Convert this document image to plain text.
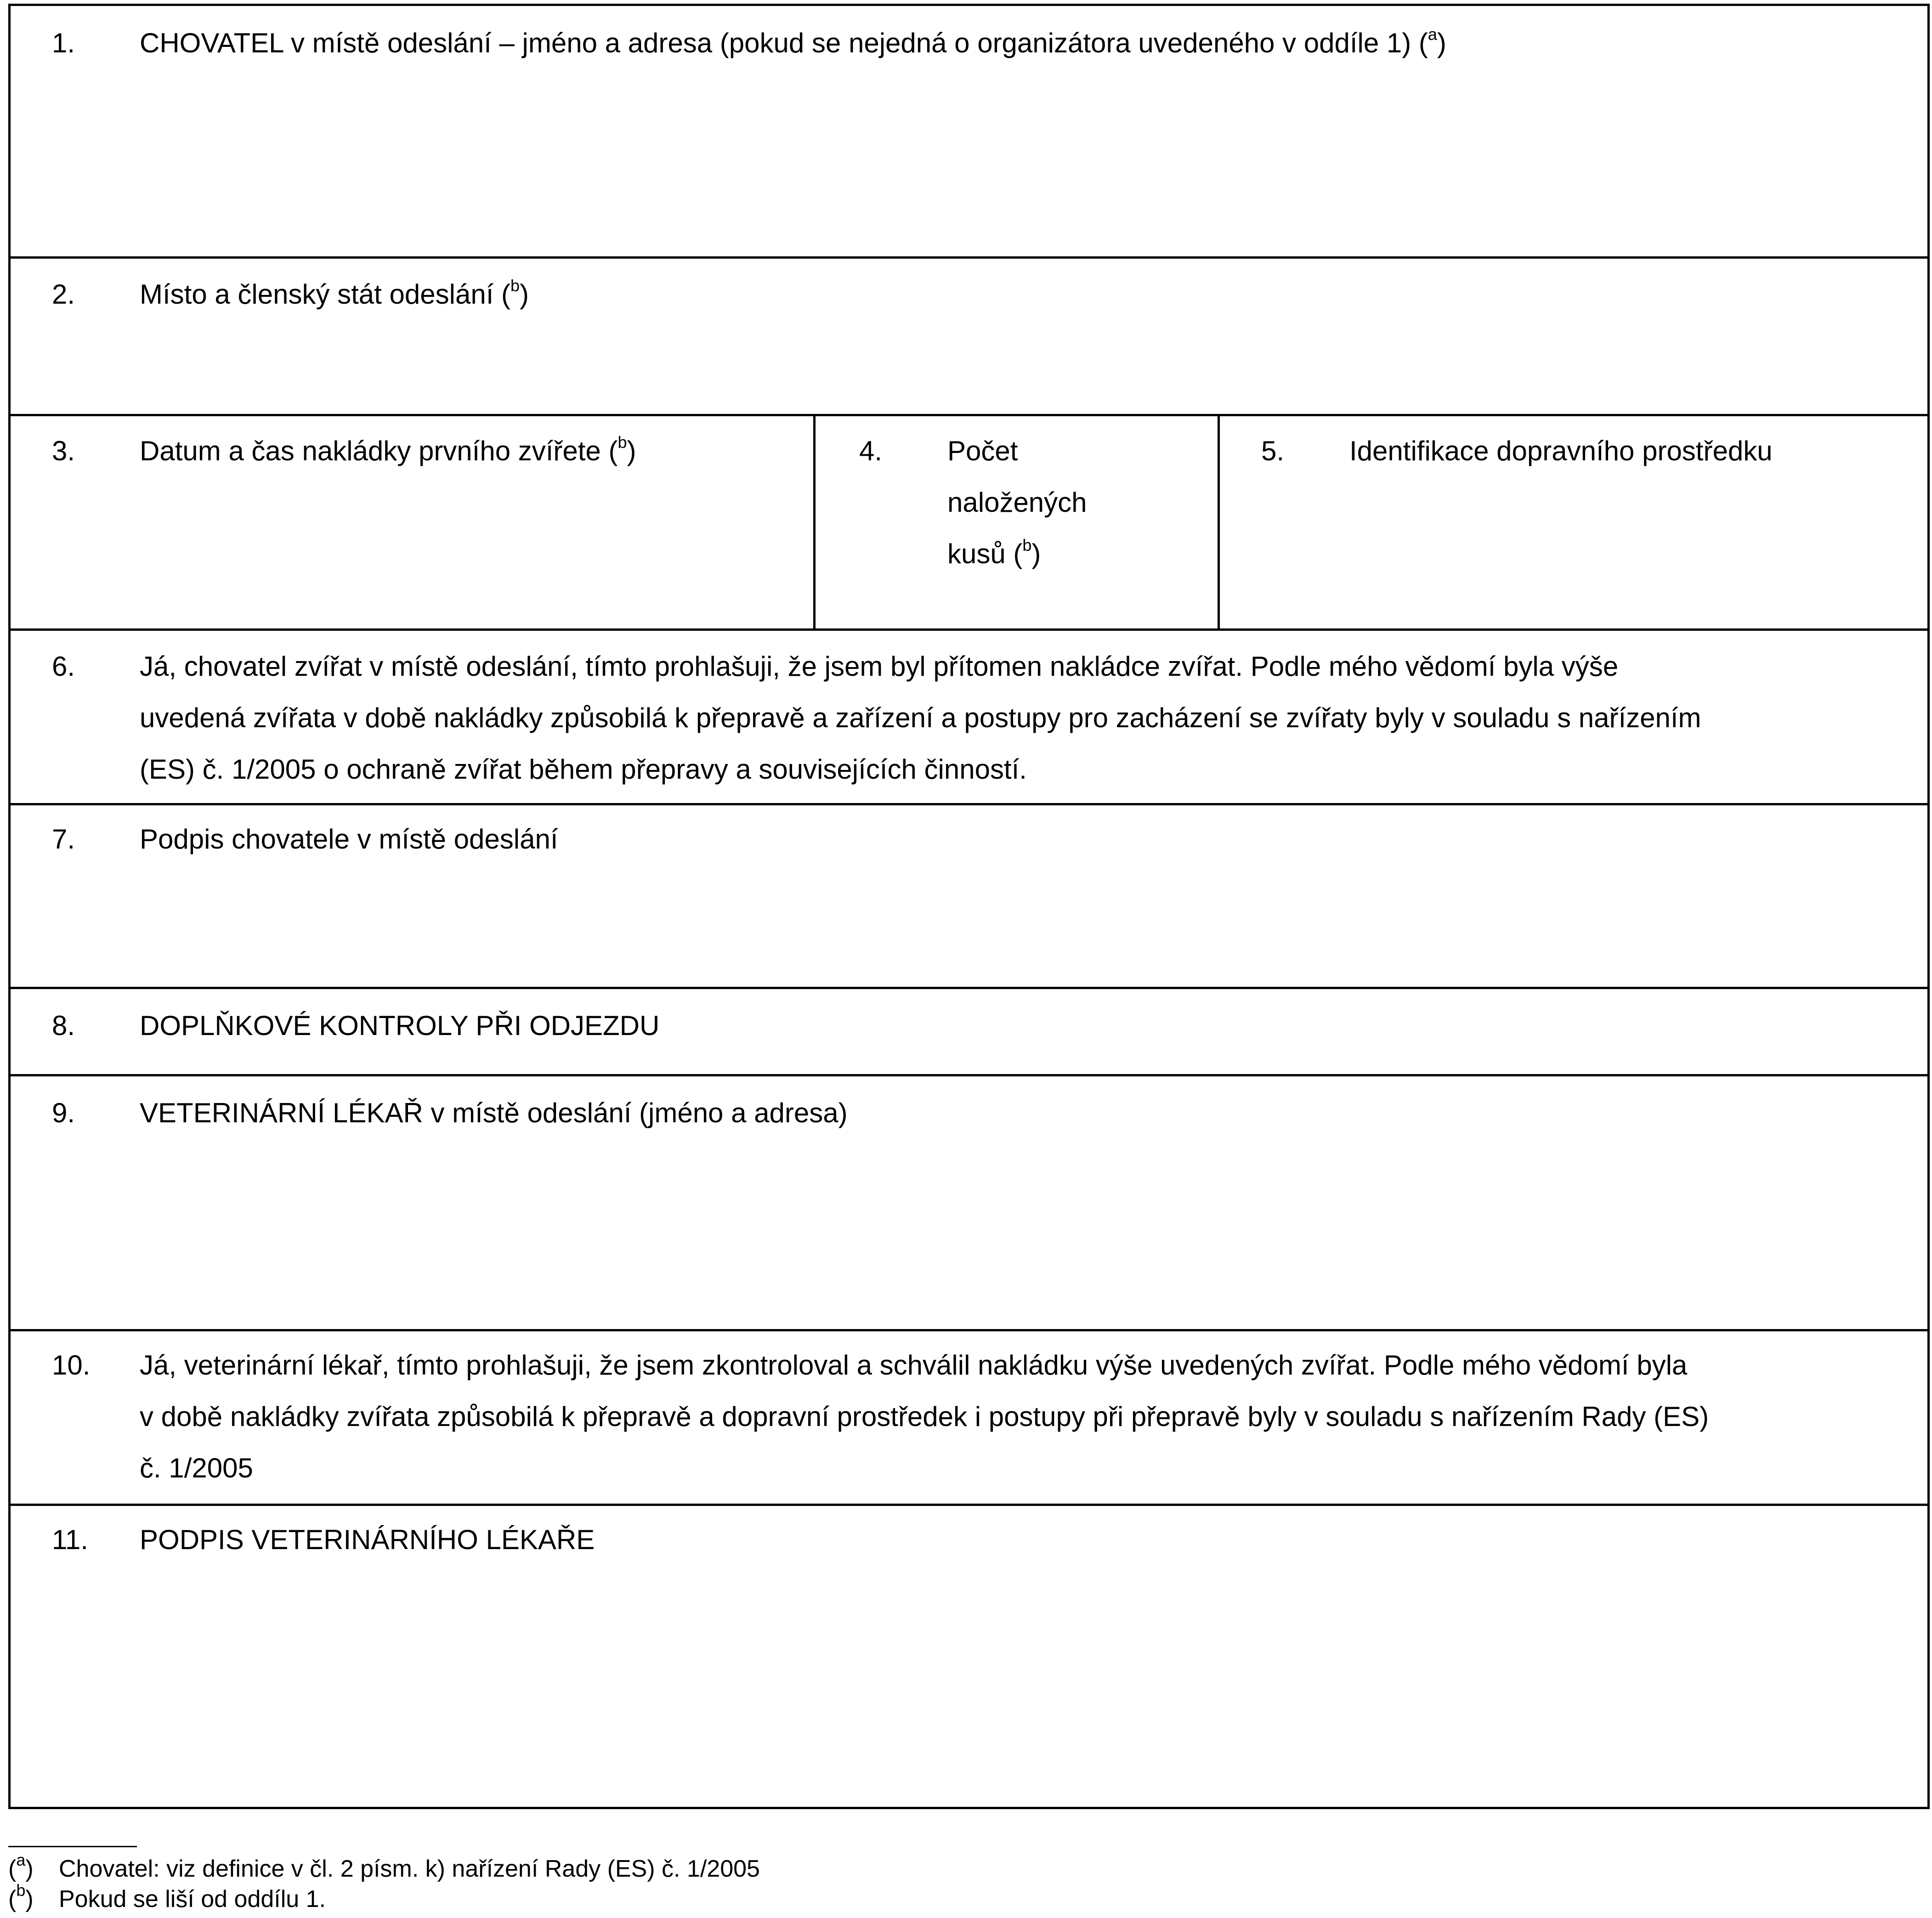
1. CHOVATEL v místě odeslání – jméno a adresa (pokud se nejedná o organizátora uvedeného v oddíle 1) ($^a$)
2. Místo a členský stát odeslání ($^b$)
3. Datum a čas nakládky prvního zvířete ($^b$)	4. Počet
naložených
kusů ($^b$)
5. Identifikace dopravního prostředku
6. Já, chovatel zvířat v místě odeslání, tímto prohlašuji, že jsem byl přítomen nakládce zvířat. Podle mého vědomí byla výše
uvedená zvířata v době nakládky způsobilá k přepravě a zařízení a postupy pro zacházení se zvířaty byly v souladu s nařízením
(ES) č. 1/2005 o ochraně zvířat během přepravy a souvisejících činností.
7. Podpis chovatele v místě odeslání
8. DOPLŇKOVÉ KONTROLY PŘI ODJEZDU
9. VETERINÁRNÍ LÉKAŘ v místě odeslání (jméno a adresa)
10. Já, veterinární lékař, tímto prohlašuji, že jsem zkontroloval a schválil nakládku výše uvedených zvířat. Podle mého vědomí byla
v době nakládky zvířata způsobilá k přepravě a dopravní prostředek i postupy při přepravě byly v souladu s nařízením Rady (ES)
č. 1/2005
11. PODPIS VETERINÁRNÍHO LÉKAŘE
($^a$) Chovatel: viz definice v čl. 2 písm. k) nařízení Rady (ES) č. 1/2005
($^b$) Pokud se liší od oddílu 1.
